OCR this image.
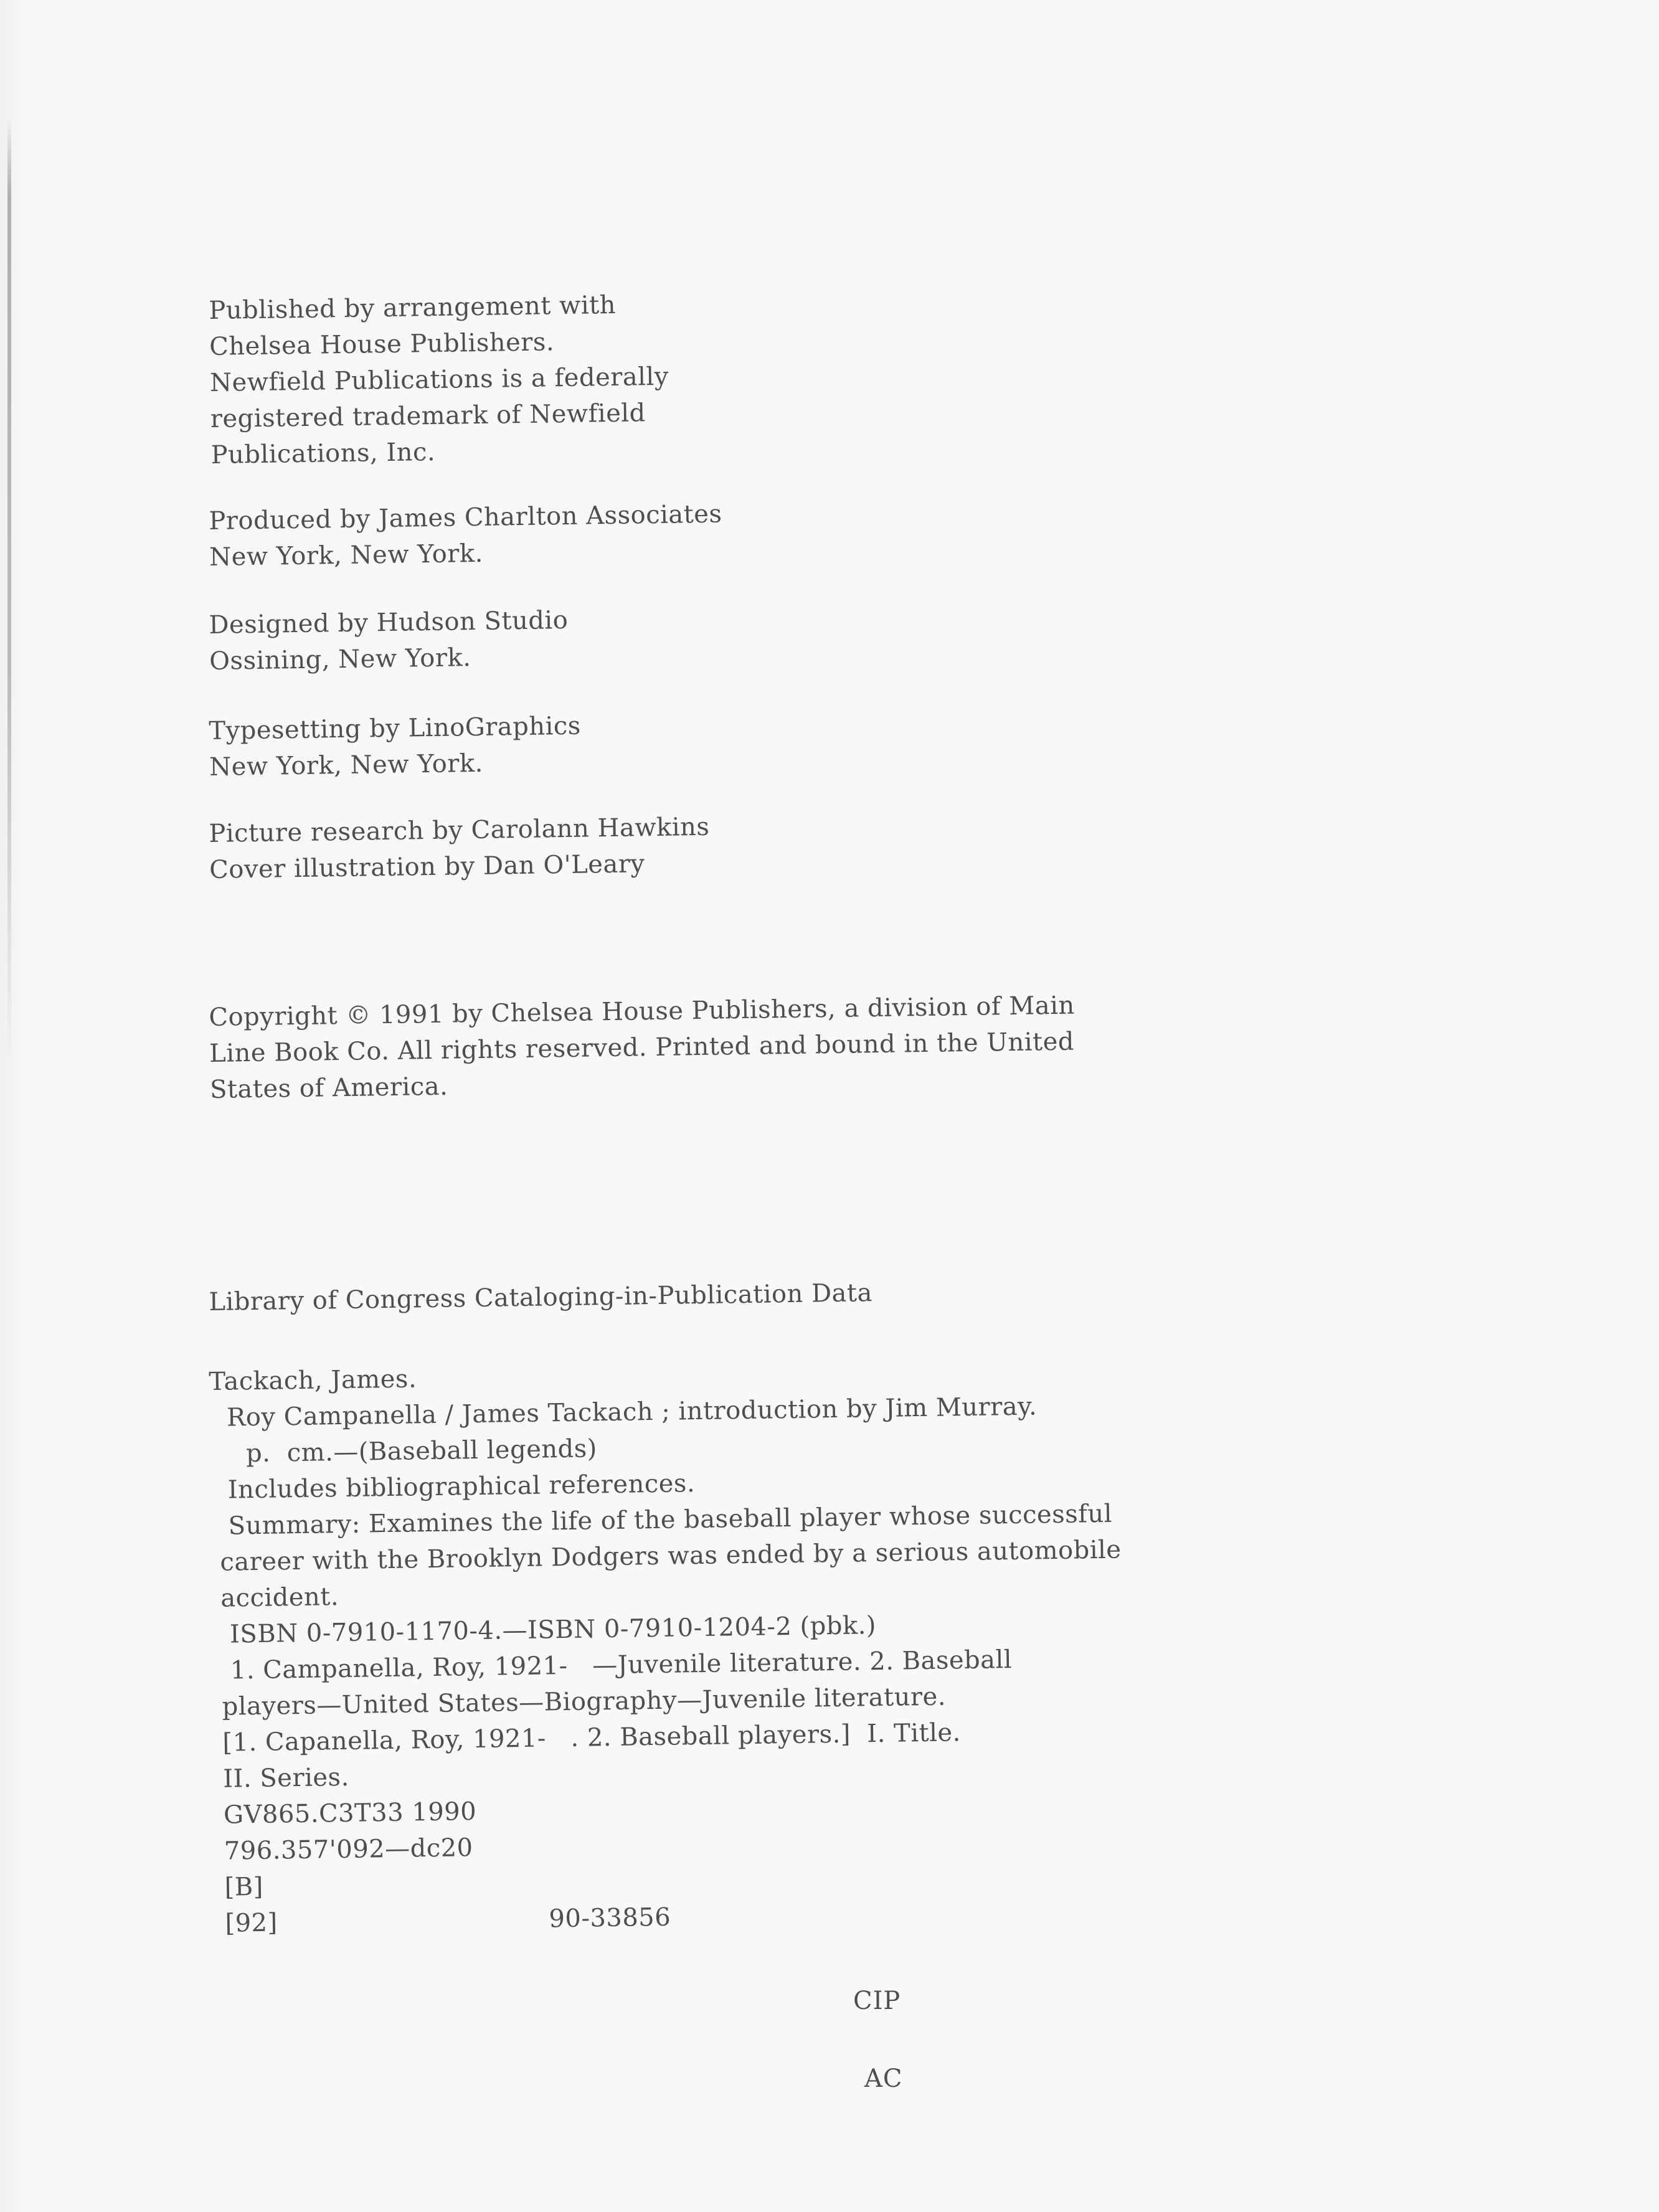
Published by arrangement with
Chelsea House Publishers.
Newfield Publications is a federally
registered trademark of Newfield
Publications, Inc.
Produced by James Charlton Associates
New York, New York.
Designed by Hudson Studio
Ossining, New York.
Typesetting by LinoGraphics
New York, New York.
Picture research by Carolann Hawkins
Cover illustration by Dan O'Leary
Copyright © 1991 by Chelsea House Publishers, a division of Main
Line Book Co. All rights reserved. Printed and bound in the United
States of America.
Library of Congress Cataloging-in-Publication Data
Tackach, James.
Roy Campanella / James Tackach ; introduction by Jim Murray.
p.  cm.—(Baseball legends)
Includes bibliographical references.
Summary: Examines the life of the baseball player whose successful
career with the Brooklyn Dodgers was ended by a serious automobile
accident.
ISBN 0-7910-1170-4.—ISBN 0-7910-1204-2 (pbk.)
1. Campanella, Roy, 1921-   —Juvenile literature. 2. Baseball
players—United States—Biography—Juvenile literature.
[1. Capanella, Roy, 1921-   . 2. Baseball players.]  I. Title.
II. Series.
GV865.C3T33 1990
796.357'092—dc20
[B]
[92]	90-33856
CIP
AC
